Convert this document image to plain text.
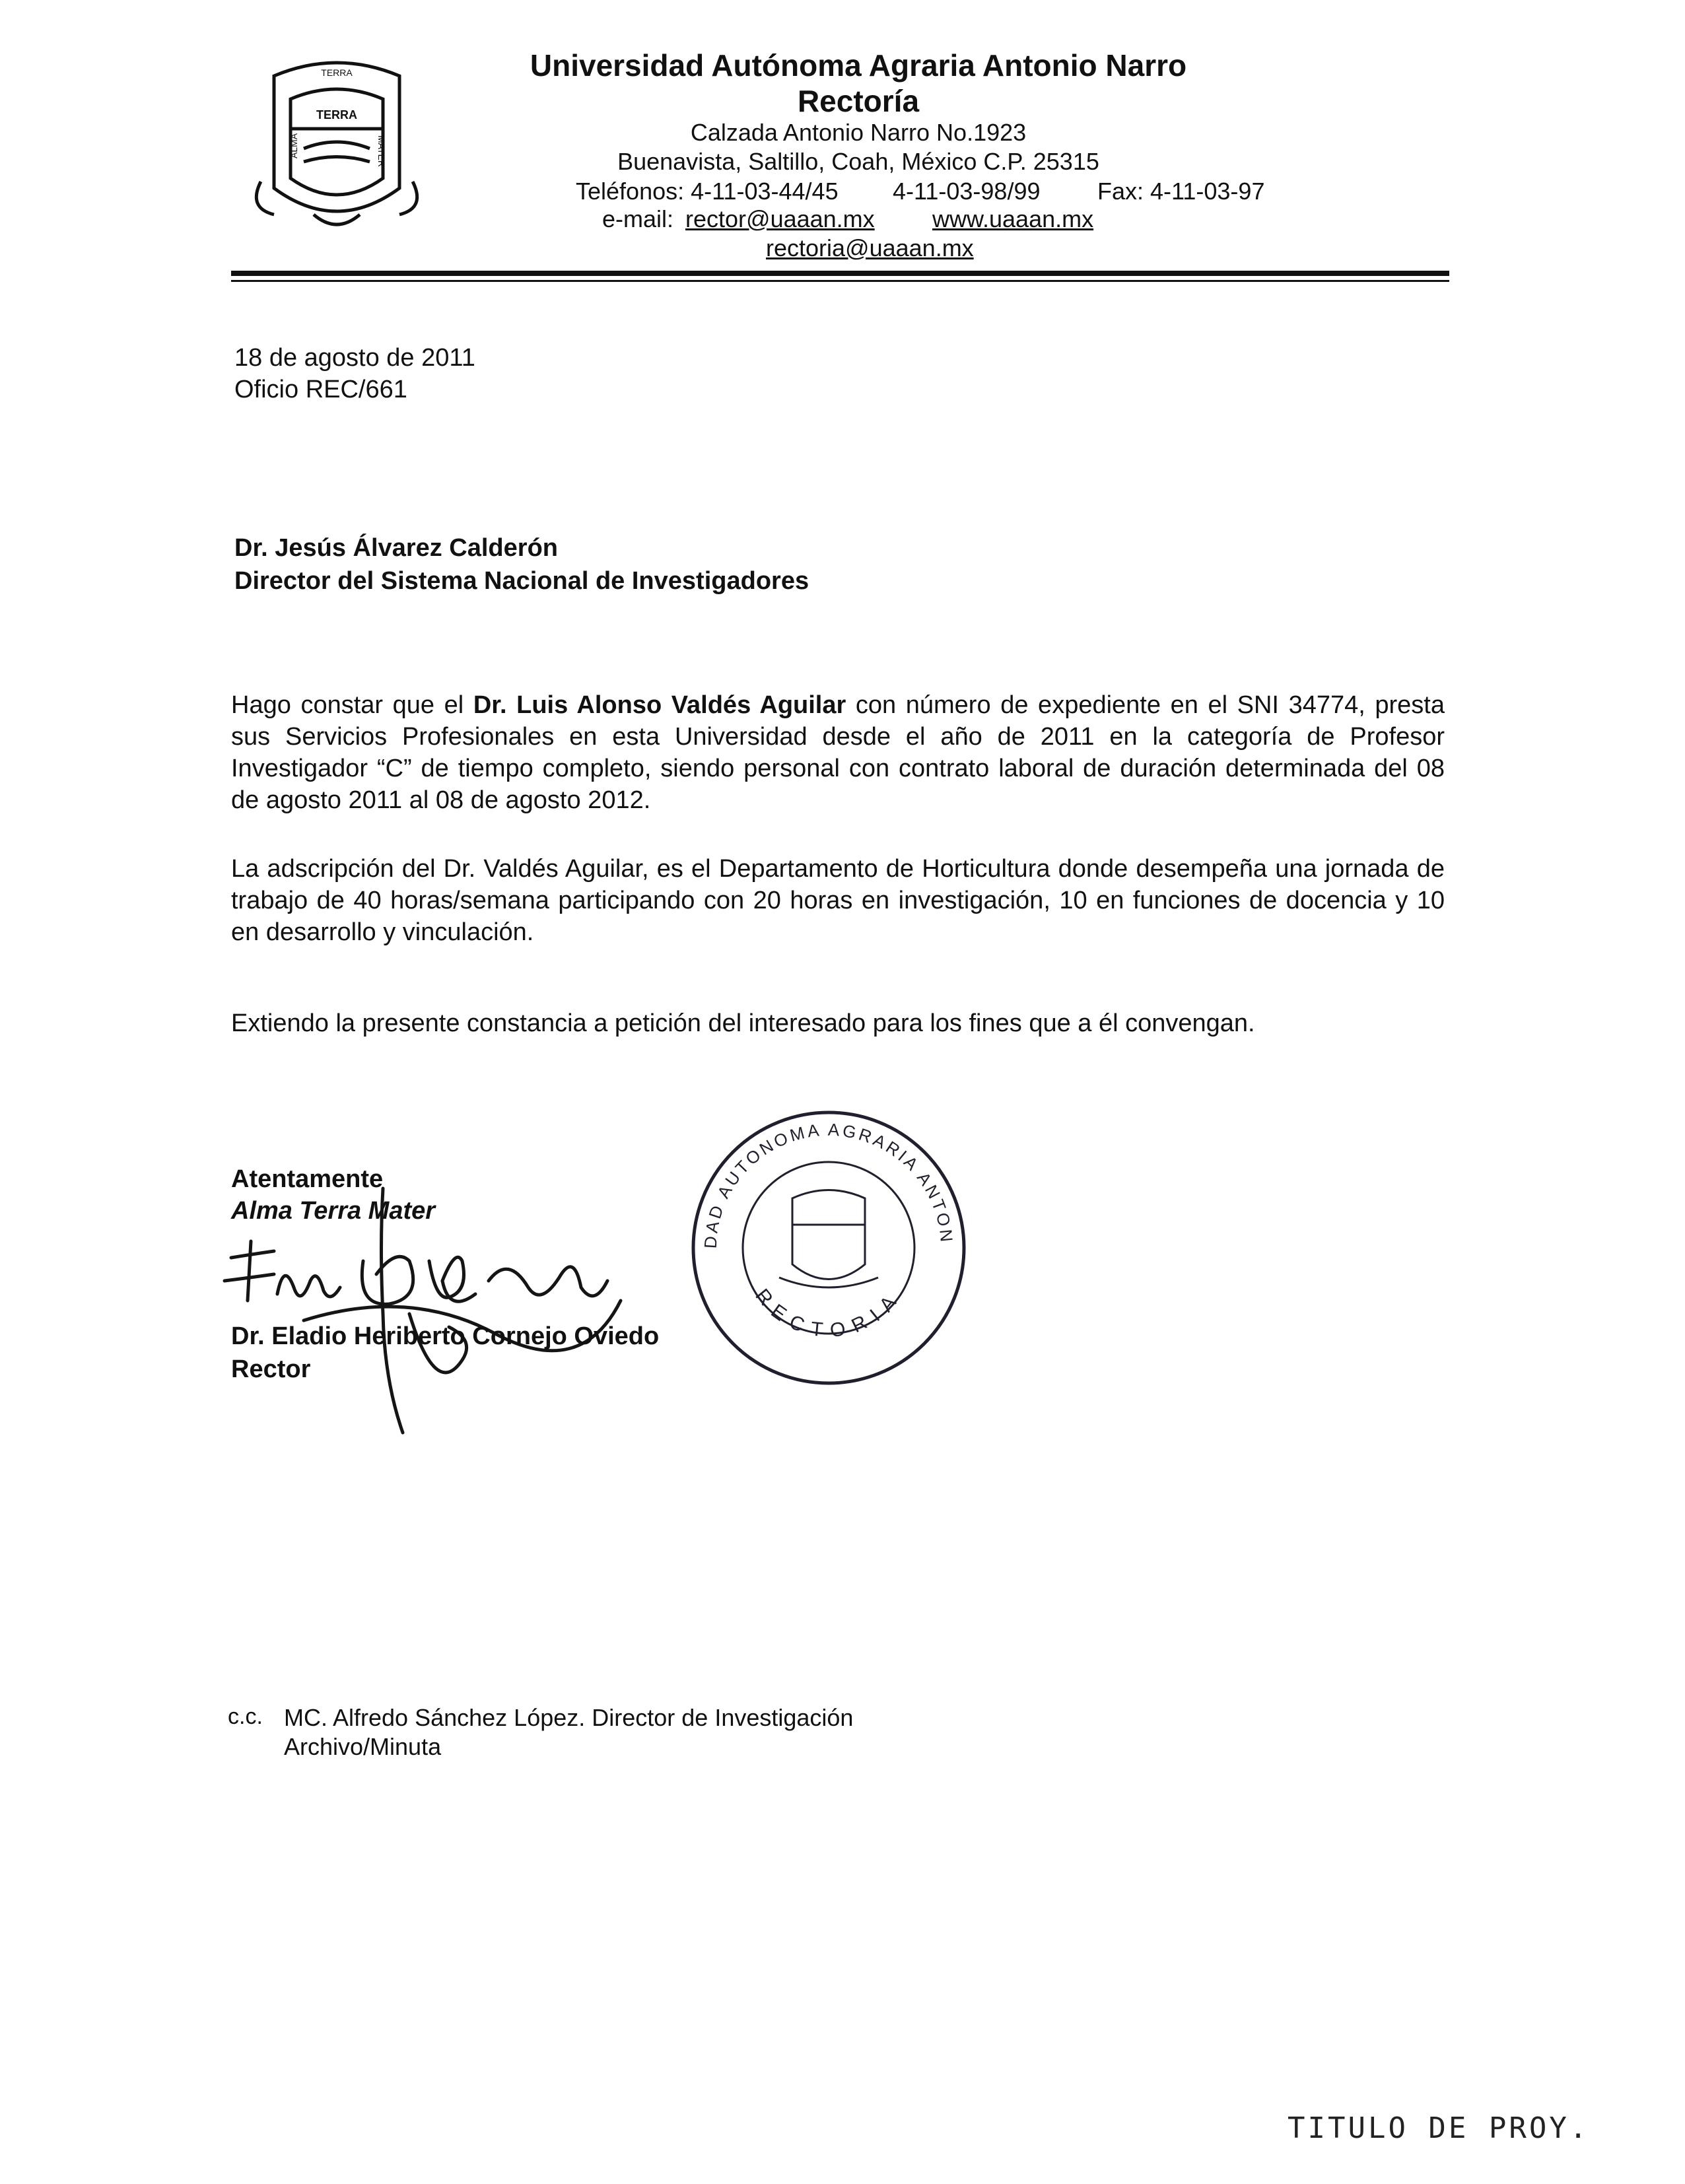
TERRA
TERRA
ALMA	MATER
Universidad Autónoma Agraria Antonio Narro
Rectoría
Calzada Antonio Narro No.1923
Buenavista, Saltillo, Coah, México C.P. 25315
Teléfonos: 4-11-03-44/45 4-11-03-98/99 Fax: 4-11-03-97
e-mail: rector@uaaan.mx www.uaaan.mx
rectoria@uaaan.mx
18 de agosto de 2011
Oficio REC/661
Dr. Jesús Álvarez Calderón
Director del Sistema Nacional de Investigadores

Hago constar que el Dr. Luis Alonso Valdés Aguilar con número de expediente en el SNI 34774, presta sus Servicios Profesionales en esta Universidad desde el año de 2011 en la categoría de Profesor Investigador “C” de tiempo completo, siendo personal con contrato laboral de duración determinada del 08 de agosto 2011 al 08 de agosto 2012.

La adscripción del Dr. Valdés Aguilar, es el Departamento de Horticultura donde desempeña una jornada de trabajo de 40 horas/semana participando con 20 horas en investigación, 10 en funciones de docencia y 10 en desarrollo y vinculación.

Extiendo la presente constancia a petición del interesado para los fines que a él convengan.

Atentamente
Alma Terra Mater
Dr. Eladio Heriberto Cornejo Oviedo
Rector
DAD AUTONOMA AGRARIA ANTON
RECTORIA
c.c. MC. Alfredo Sánchez López. Director de Investigación
Archivo/Minuta
TITULO DE PROY.
